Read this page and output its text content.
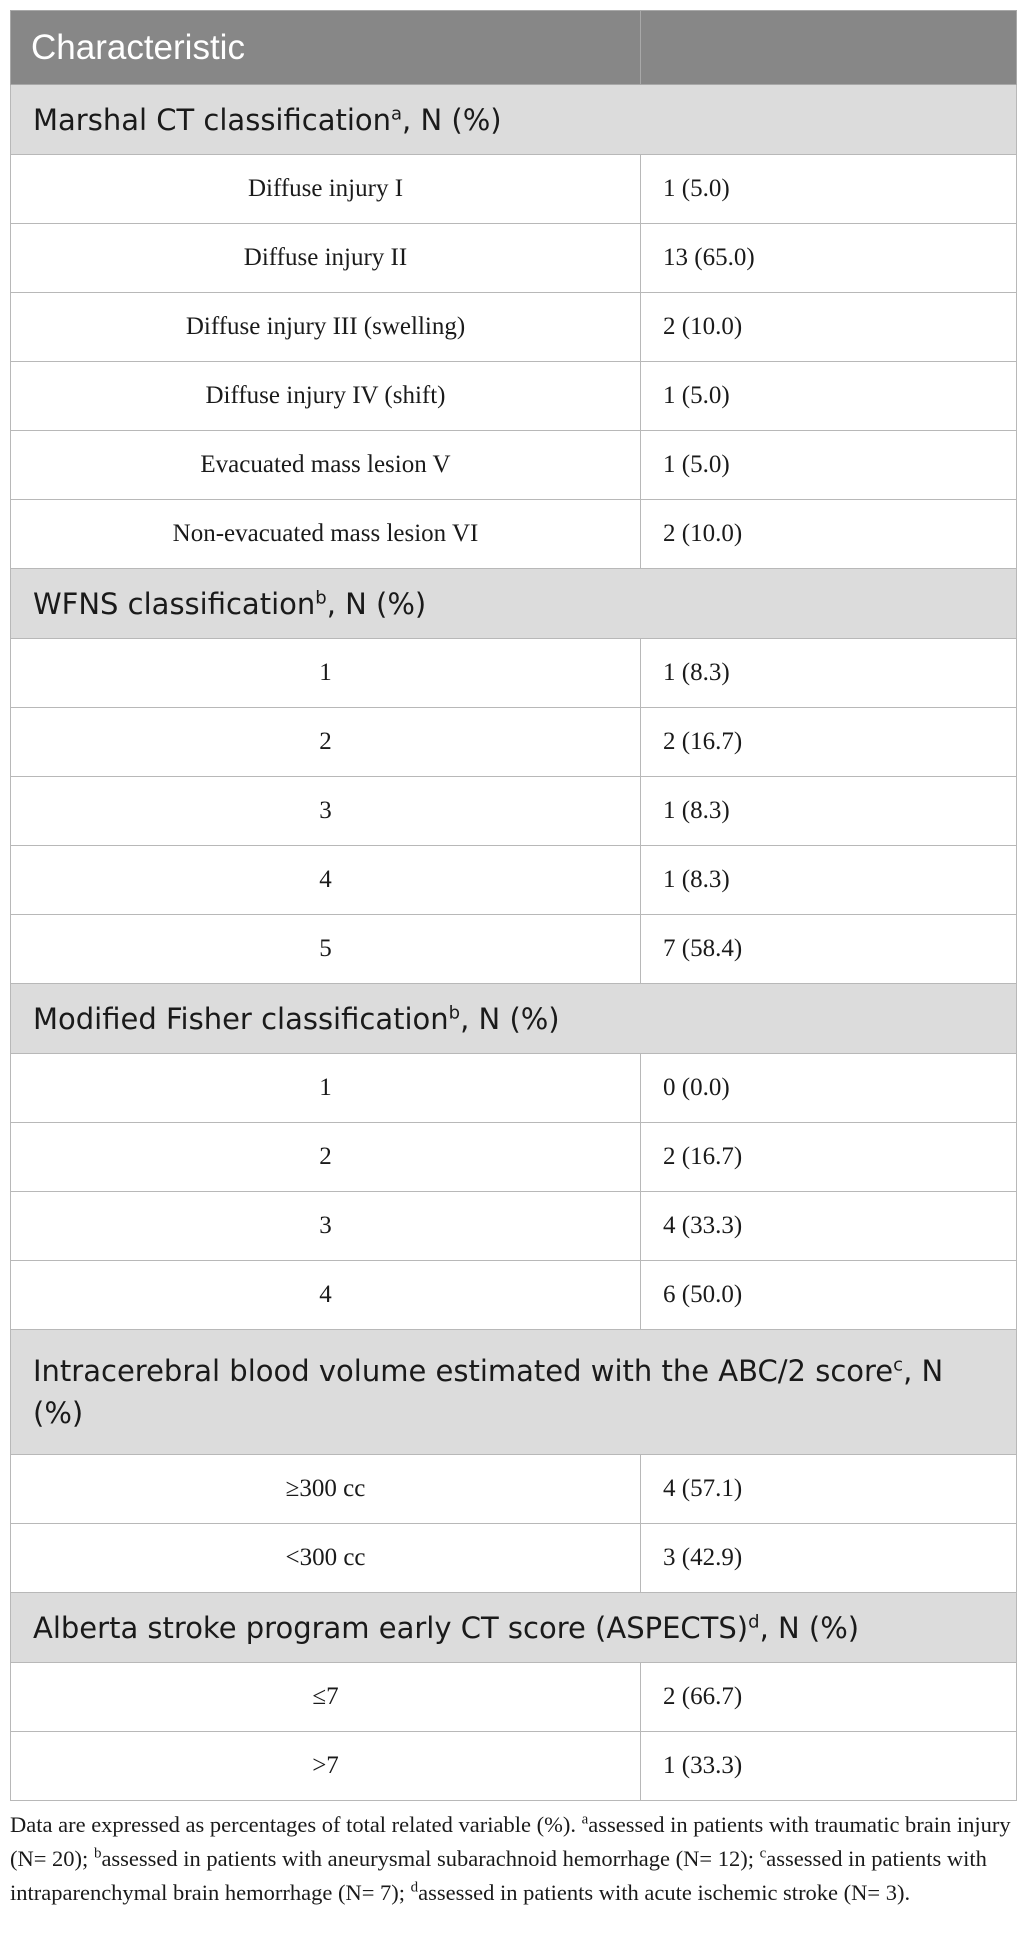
Characteristic	
Marshal CT classification$^a$, N (%)	
Diffuse injury I	1 (5.0)
Diffuse injury II	13 (65.0)
Diffuse injury III (swelling)	2 (10.0)
Diffuse injury IV (shift)	1 (5.0)
Evacuated mass lesion V	1 (5.0)
Non-evacuated mass lesion VI	2 (10.0)
WFNS classification$^b$, N (%)	
1	1 (8.3)
2	2 (16.7)
3	1 (8.3)
4	1 (8.3)
5	7 (58.4)
Modified Fisher classification$^b$, N (%)	
1	0 (0.0)
2	2 (16.7)
3	4 (33.3)
4	6 (50.0)
Intracerebral blood volume estimated with the ABC/2 score$^c$, N (%)	
≥300 cc	4 (57.1)
<300 cc	3 (42.9)
Alberta stroke program early CT score (ASPECTS)$^d$, N (%)	
≤7	2 (66.7)
>7	1 (33.3)
Data are expressed as percentages of total related variable (%). $^a$assessed in patients with traumatic brain injury (N= 20); $^b$assessed in patients with aneurysmal subarachnoid hemorrhage (N= 12); $^c$assessed in patients with intraparenchymal brain hemorrhage (N= 7); $^d$assessed in patients with acute ischemic stroke (N= 3).
